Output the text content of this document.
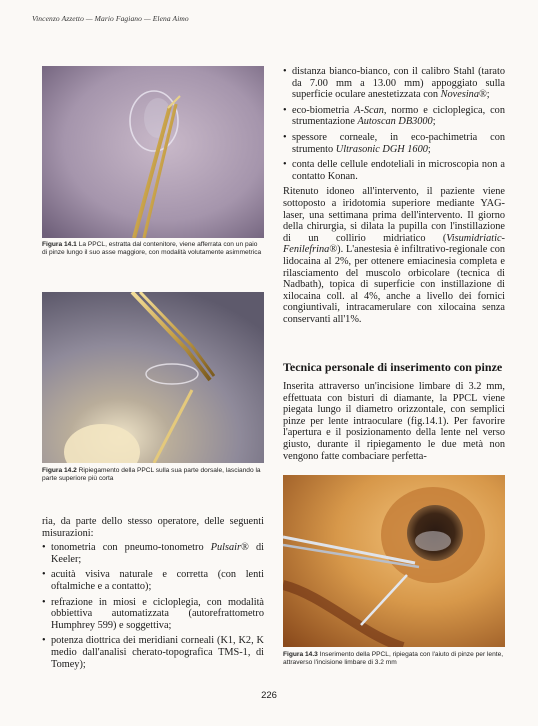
Vincenzo Azzetto — Mario Fagiano — Elena Aimo
Figura 14.1 La PPCL, estratta dal contenitore, viene afferrata con un paio di pinze lungo il suo asse maggiore, con modalità volutamente asimmetrica
Figura 14.2 Ripiegamento della PPCL sulla sua parte dorsale, lasciando la parte superiore più corta

ria, da parte dello stesso operatore, delle seguenti misurazioni:

• tonometria con pneumo-tonometro Pulsair® di Keeler;
• acuità visiva naturale e corretta (con lenti oftalmiche e a contatto);
• refrazione in miosi e cicloplegia, con modalità obbiettiva automatizzata (autorefrattometro Humphrey 599) e soggettiva;
• potenza diottrica dei meridiani corneali (K1, K2, K medio dall'analisi cherato-topografica TMS-1, di Tomey);
• distanza bianco-bianco, con il calibro Stahl (tarato da 7.00 mm a 13.00 mm) appoggiato sulla superficie oculare anestetizzata con Novesina®;
• eco-biometria A-Scan, normo e cicloplegica, con strumentazione Autoscan DB3000;
• spessore corneale, in eco-pachimetria con strumento Ultrasonic DGH 1600;
• conta delle cellule endoteliali in microscopia non a contatto Konan.

Ritenuto idoneo all'intervento, il paziente viene sottoposto a iridotomia superiore mediante YAG-laser, una settimana prima dell'intervento. Il giorno della chirurgia, si dilata la pupilla con l'instillazione di un collirio midriatico (Visumidriatic-Fenilefrina®). L'anestesia è infiltrativo-regionale con lidocaina al 2%, per ottenere emiacinesia completa e rilasciamento del muscolo orbicolare (tecnica di Nadbath), topica di superficie con instillazione di xilocaina coll. al 4%, anche a livello dei fornici congiuntivali, intracamerulare con xilocaina senza conservanti all'1%.

Tecnica personale di inserimento con pinze
Inserita attraverso un'incisione limbare di 3.2 mm, effettuata con bisturi di diamante, la PPCL viene piegata lungo il diametro orizzontale, con semplici pinze per lente intraoculare (fig.14.1). Per favorire l'apertura e il posizionamento della lente nel verso giusto, durante il ripiegamento le due metà non vengono fatte combaciare perfetta-
Figura 14.3 Inserimento della PPCL, ripiegata con l'aiuto di pinze per lente, attraverso l'incisione limbare di 3.2 mm
226
